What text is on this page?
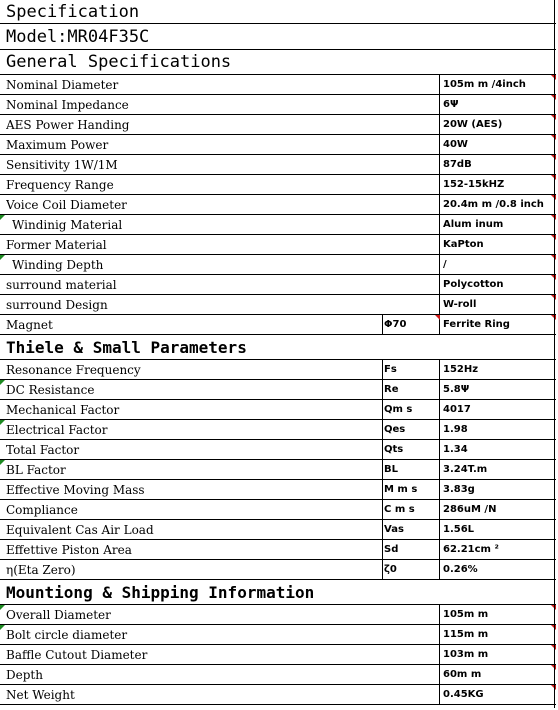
Specification
Model:MR04F35C
General Specifications
Nominal Diameter	105m m /4inch
Nominal Impedance	6Ψ
AES Power Handing	20W (AES)
Maximum Power	40W
Sensitivity 1W/1M	87dB
Frequency Range	152-15kHZ
Voice Coil Diameter	20.4m m /0.8 inch
Windinig Material	Alum inum
Former Material	KaPton
Winding Depth	/
surround material	Polycotton
surround Design	W-roll
Magnet	Φ70	Ferrite Ring
Thiele & Small Parameters
Resonance Frequency	Fs	152Hz
DC Resistance	Re	5.8Ψ
Mechanical Factor	Qm s	4017
Electrical Factor	Qes	1.98
Total Factor	Qts	1.34
BL Factor	BL	3.24T.m
Effective Moving Mass	M m s	3.83g
Compliance	C m s	286uM /N
Equivalent Cas Air Load	Vas	1.56L
Effettive Piston Area	Sd	62.21cm ²
η(Eta Zero)	ζ0	0.26%
Mountiong & Shipping Information
Overall Diameter	105m m
Bolt circle diameter	115m m
Baffle Cutout Diameter	103m m
Depth	60m m
Net Weight	0.45KG
